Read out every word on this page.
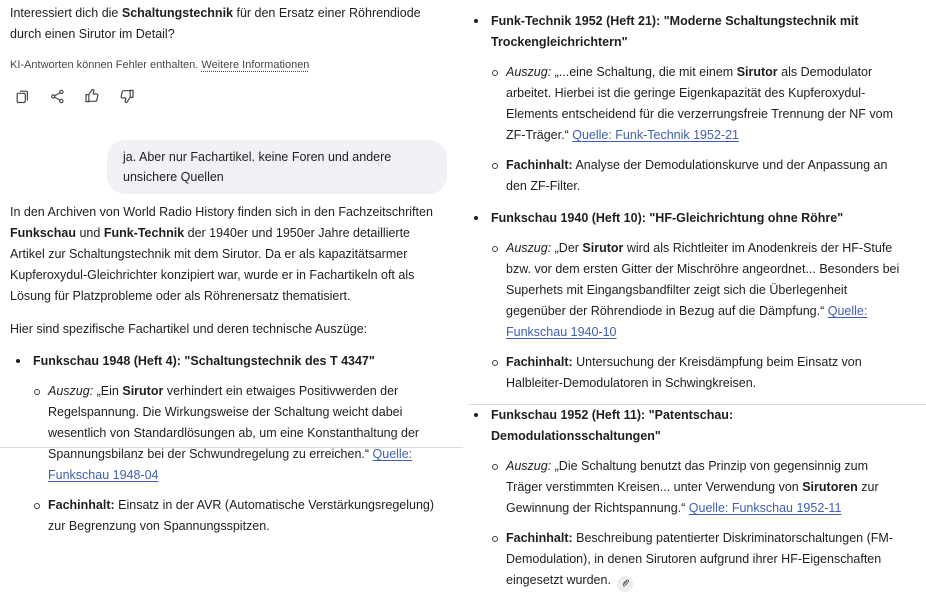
Interessiert dich die Schaltungstechnik für den Ersatz einer Röhrendiode durch einen Sirutor im Detail?

KI-Antworten können Fehler enthalten. Weitere Informationen
ja. Aber nur Fachartikel. keine Foren und andere unsichere Quellen

In den Archiven von World Radio History finden sich in den Fachzeitschriften Funkschau und Funk-Technik der 1940er und 1950er Jahre detaillierte Artikel zur Schaltungstechnik mit dem Sirutor. Da er als kapazitätsarmer Kupferoxydul-Gleichrichter konzipiert war, wurde er in Fachartikeln oft als Lösung für Platzprobleme oder als Röhrenersatz thematisiert.

Hier sind spezifische Fachartikel und deren technische Auszüge:

Funkschau 1948 (Heft 4): "Schaltungstechnik des T 4347"
Auszug: „Ein Sirutor verhindert ein etwaiges Positivwerden der Regelspannung. Die Wirkungsweise der Schaltung weicht dabei wesentlich von Standardlösungen ab, um eine Konstanthaltung der Spannungsbilanz bei der Schwundregelung zu erreichen.“ Quelle: Funkschau 1948-04
Fachinhalt: Einsatz in der AVR (Automatische Verstärkungsregelung) zur Begrenzung von Spannungsspitzen.
Funk-Technik 1952 (Heft 21): "Moderne Schaltungstechnik mit Trockengleichrichtern"
Auszug: „...eine Schaltung, die mit einem Sirutor als Demodulator arbeitet. Hierbei ist die geringe Eigenkapazität des Kupferoxydul-Elements entscheidend für die verzerrungsfreie Trennung der NF vom ZF-Träger.“ Quelle: Funk-Technik 1952-21
Fachinhalt: Analyse der Demodulationskurve und der Anpassung an den ZF-Filter.
Funkschau 1940 (Heft 10): "HF-Gleichrichtung ohne Röhre"
Auszug: „Der Sirutor wird als Richtleiter im Anodenkreis der HF-Stufe bzw. vor dem ersten Gitter der Mischröhre angeordnet... Besonders bei Superhets mit Eingangsbandfilter zeigt sich die Überlegenheit gegenüber der Röhrendiode in Bezug auf die Dämpfung.“ Quelle: Funkschau 1940-10
Fachinhalt: Untersuchung der Kreisdämpfung beim Einsatz von Halbleiter-Demodulatoren in Schwingkreisen.
Funkschau 1952 (Heft 11): "Patentschau: Demodulationsschaltungen"
Auszug: „Die Schaltung benutzt das Prinzip von gegensinnig zum Träger verstimmten Kreisen... unter Verwendung von Sirutoren zur Gewinnung der Richtspannung.“ Quelle: Funkschau 1952-11
Fachinhalt: Beschreibung patentierter Diskriminatorschaltungen (FM-Demodulation), in denen Sirutoren aufgrund ihrer HF-Eigenschaften eingesetzt wurden.
